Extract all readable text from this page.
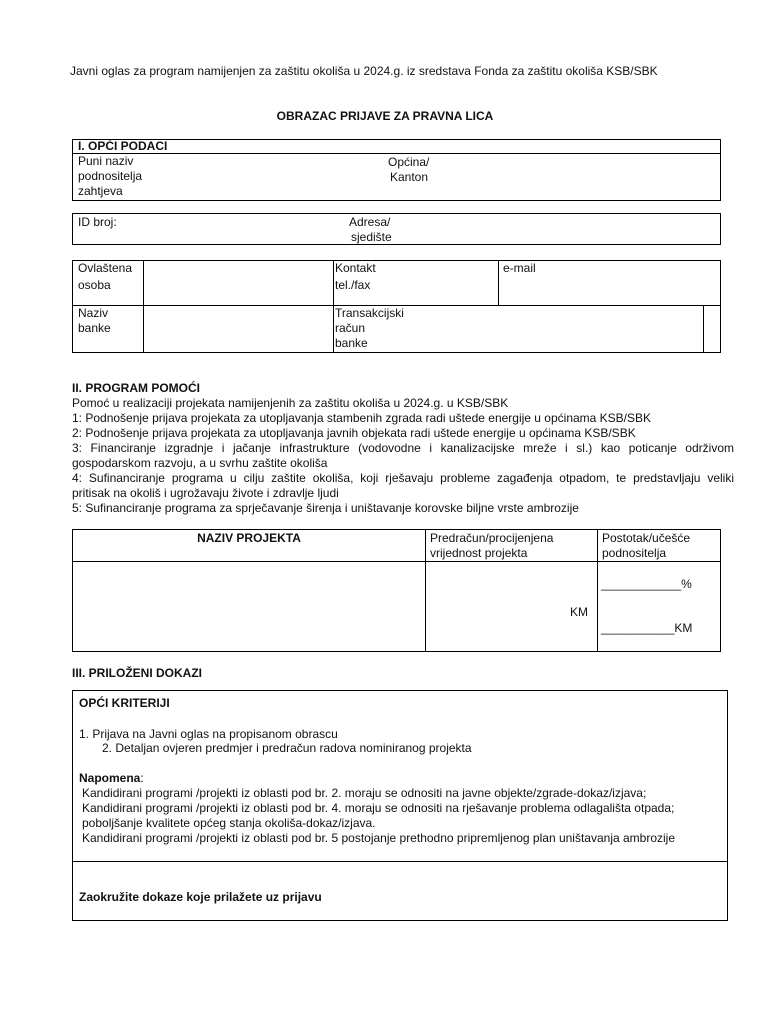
Javni oglas za program namijenjen za zaštitu okoliša u 2024.g. iz sredstava Fonda za zaštitu okoliša KSB/SBK
OBRAZAC PRIJAVE ZA PRAVNA LICA
I. OPĆI PODACI
Puni naziv
podnositelja
zahtjeva
Općina/
Kanton
ID broj:	Adresa/
sjedište
Ovlaštena
osoba
Kontakt
tel./fax
e-mail
Naziv
banke
Transakcijski
račun
banke
II. PROGRAM POMOĆI
Pomoć u realizaciji projekata namijenjenih za zaštitu okoliša u 2024.g. u KSB/SBK
1: Podnošenje prijava projekata za utopljavanja stambenih zgrada radi uštede energije u općinama KSB/SBK
2: Podnošenje prijava projekata za utopljavanja javnih objekata radi uštede energije u općinama KSB/SBK
3: Financiranje izgradnje i jačanje infrastrukture (vodovodne i kanalizacijske mreže i sl.) kao poticanje održivom
gospodarskom razvoju, a u svrhu zaštite okoliša
4: Sufinanciranje programa u cilju zaštite okoliša, koji rješavaju probleme zagađenja otpadom, te predstavljaju veliki
pritisak na okoliš i ugrožavaju živote i zdravlje ljudi
5: Sufinanciranje programa za sprječavanje širenja i uništavanje korovske biljne vrste ambrozije
NAZIV PROJEKTA	Predračun/procijenjena
vrijednost projekta
Postotak/učešće
podnositelja
KM
____________%
___________KM
III. PRILOŽENI DOKAZI
OPĆI KRITERIJI
1. Prijava na Javni oglas na propisanom obrascu
2. Detaljan ovjeren predmjer i predračun radova nominiranog projekta
Napomena:
Kandidirani programi /projekti iz oblasti pod br. 2. moraju se odnositi na javne objekte/zgrade-dokaz/izjava;
Kandidirani programi /projekti iz oblasti pod br. 4. moraju se odnositi na rješavanje problema odlagališta otpada;
poboljšanje kvalitete općeg stanja okoliša-dokaz/izjava.
Kandidirani programi /projekti iz oblasti pod br. 5 postojanje prethodno pripremljenog plan uništavanja ambrozije
Zaokružite dokaze koje prilažete uz prijavu
